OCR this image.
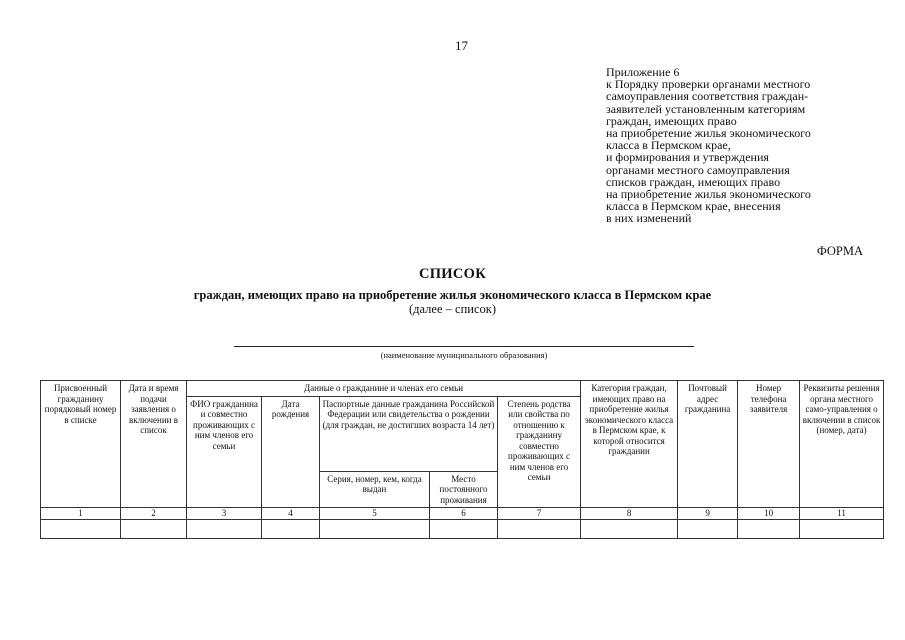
17
Приложение 6
к Порядку проверки органами местного
самоуправления соответствия граждан-
заявителей установленным категориям
граждан, имеющих право
на приобретение жилья экономического
класса в Пермском крае,
и формирования и утверждения
органами местного самоуправления
списков граждан, имеющих право
на приобретение жилья экономического
класса в Пермском крае, внесения
в них изменений
ФОРМА
СПИСОК
граждан, имеющих право на приобретение жилья экономического класса в Пермском крае
(далее – список)
(наименование муниципального образования)
Присвоенный гражданину порядковый номер в списке	Дата и время подачи заявления о включении в список	Данные о гражданине и членах его семьи					Категория граждан, имеющих право на приобретение жилья экономического класса в Пермском крае, к которой относится гражданин	Почтовый адрес гражданина	Номер телефона заявителя	Реквизиты решения органа местного само-управления о включении в список (номер, дата)
		ФИО гражданина и совместно проживающих с ним членов его семьи	Дата рождения	Паспортные данные гражданина Российской Федерации или свидетельства о рождении (для граждан, не достигших возраста 14 лет)		Степень родства или свойства по отношению к гражданину совместно проживающих с ним членов его семьи				
				Серия, номер, кем, когда выдан	Место постоянного проживания					
1	2	3	4	5	6	7	8	9	10	11
